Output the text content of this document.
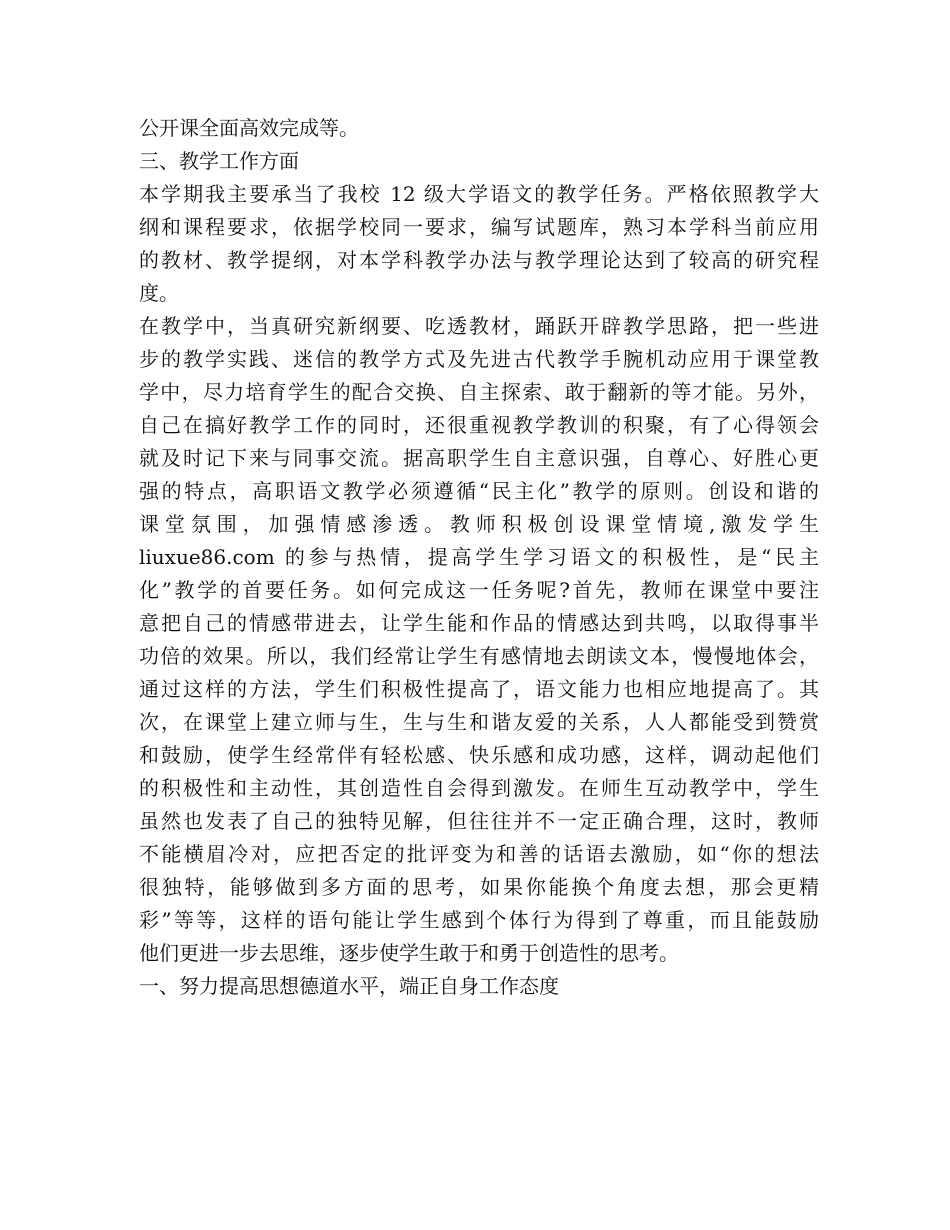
公开课全面高效完成等。
三、教学工作方面
本学期我主要承当了我校 12 级大学语文的教学任务。严格依照教学大
纲和课程要求，依据学校同一要求，编写试题库，熟习本学科当前应用
的教材、教学提纲，对本学科教学办法与教学理论达到了较高的研究程
度。
在教学中，当真研究新纲要、吃透教材，踊跃开辟教学思路，把一些进
步的教学实践、迷信的教学方式及先进古代教学手腕机动应用于课堂教
学中，尽力培育学生的配合交换、自主探索、敢于翻新的等才能。另外，
自己在搞好教学工作的同时，还很重视教学教训的积聚，有了心得领会
就及时记下来与同事交流。据高职学生自主意识强，自尊心、好胜心更
强的特点，高职语文教学必须遵循“民主化”教学的原则。创设和谐的
课堂氛围，加强情感渗透。教师积极创设课堂情境,激发学生
liuxue86.com 的参与热情，提高学生学习语文的积极性，是“民主
化”教学的首要任务。如何完成这一任务呢?首先，教师在课堂中要注
意把自己的情感带进去，让学生能和作品的情感达到共鸣，以取得事半
功倍的效果。所以，我们经常让学生有感情地去朗读文本，慢慢地体会，
通过这样的方法，学生们积极性提高了，语文能力也相应地提高了。其
次，在课堂上建立师与生，生与生和谐友爱的关系，人人都能受到赞赏
和鼓励，使学生经常伴有轻松感、快乐感和成功感，这样，调动起他们
的积极性和主动性，其创造性自会得到激发。在师生互动教学中，学生
虽然也发表了自己的独特见解，但往往并不一定正确合理，这时，教师
不能横眉冷对，应把否定的批评变为和善的话语去激励，如“你的想法
很独特，能够做到多方面的思考，如果你能换个角度去想，那会更精
彩”等等，这样的语句能让学生感到个体行为得到了尊重，而且能鼓励
他们更进一步去思维，逐步使学生敢于和勇于创造性的思考。
一、努力提高思想德道水平，端正自身工作态度
